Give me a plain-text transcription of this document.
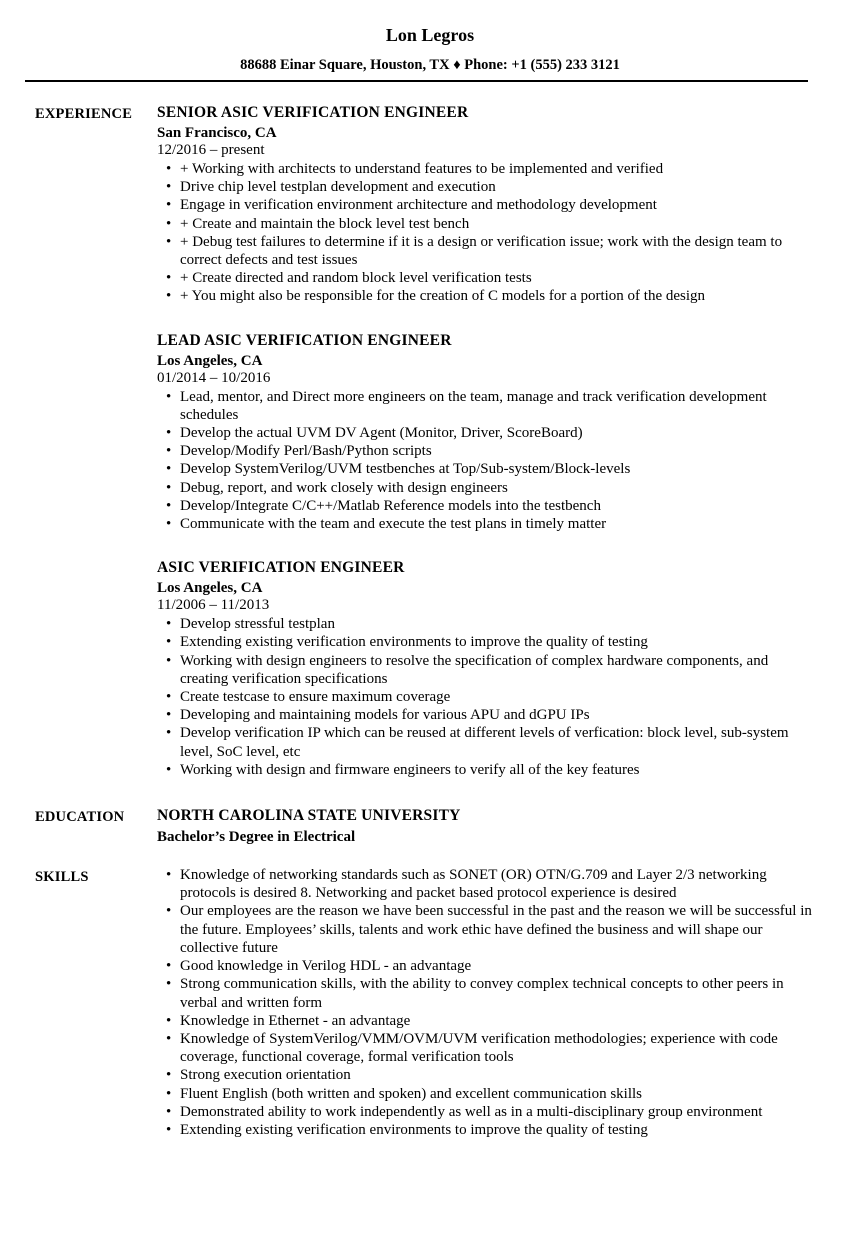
Lon Legros
88688 Einar Square, Houston, TX ♦ Phone: +1 (555) 233 3121
EXPERIENCE	SENIOR ASIC VERIFICATION ENGINEER
San Francisco, CA
12/2016 – present
• + Working with architects to understand features to be implemented and verified
• Drive chip level testplan development and execution
• Engage in verification environment architecture and methodology development
• + Create and maintain the block level test bench
• + Debug test failures to determine if it is a design or verification issue; work with the design team to correct defects and test issues
• + Create directed and random block level verification tests
• + You might also be responsible for the creation of C models for a portion of the design
LEAD ASIC VERIFICATION ENGINEER
Los Angeles, CA
01/2014 – 10/2016
• Lead, mentor, and Direct more engineers on the team, manage and track verification development schedules
• Develop the actual UVM DV Agent (Monitor, Driver, ScoreBoard)
• Develop/Modify Perl/Bash/Python scripts
• Develop SystemVerilog/UVM testbenches at Top/Sub-system/Block-levels
• Debug, report, and work closely with design engineers
• Develop/Integrate C/C++/Matlab Reference models into the testbench
• Communicate with the team and execute the test plans in timely matter
ASIC VERIFICATION ENGINEER
Los Angeles, CA
11/2006 – 11/2013
• Develop stressful testplan
• Extending existing verification environments to improve the quality of testing
• Working with design engineers to resolve the specification of complex hardware components, and creating verification specifications
• Create testcase to ensure maximum coverage
• Developing and maintaining models for various APU and dGPU IPs
• Develop verification IP which can be reused at different levels of verfication: block level, sub-system level, SoC level, etc
• Working with design and firmware engineers to verify all of the key features
EDUCATION	NORTH CAROLINA STATE UNIVERSITY
Bachelor’s Degree in Electrical
SKILLS	• Knowledge of networking standards such as SONET (OR) OTN/G.709 and Layer 2/3 networking protocols is desired 8. Networking and packet based protocol experience is desired
• Our employees are the reason we have been successful in the past and the reason we will be successful in the future. Employees’ skills, talents and work ethic have defined the business and will shape our collective future
• Good knowledge in Verilog HDL - an advantage
• Strong communication skills, with the ability to convey complex technical concepts to other peers in verbal and written form
• Knowledge in Ethernet - an advantage
• Knowledge of SystemVerilog/VMM/OVM/UVM verification methodologies; experience with code coverage, functional coverage, formal verification tools
• Strong execution orientation
• Fluent English (both written and spoken) and excellent communication skills
• Demonstrated ability to work independently as well as in a multi-disciplinary group environment
• Extending existing verification environments to improve the quality of testing
